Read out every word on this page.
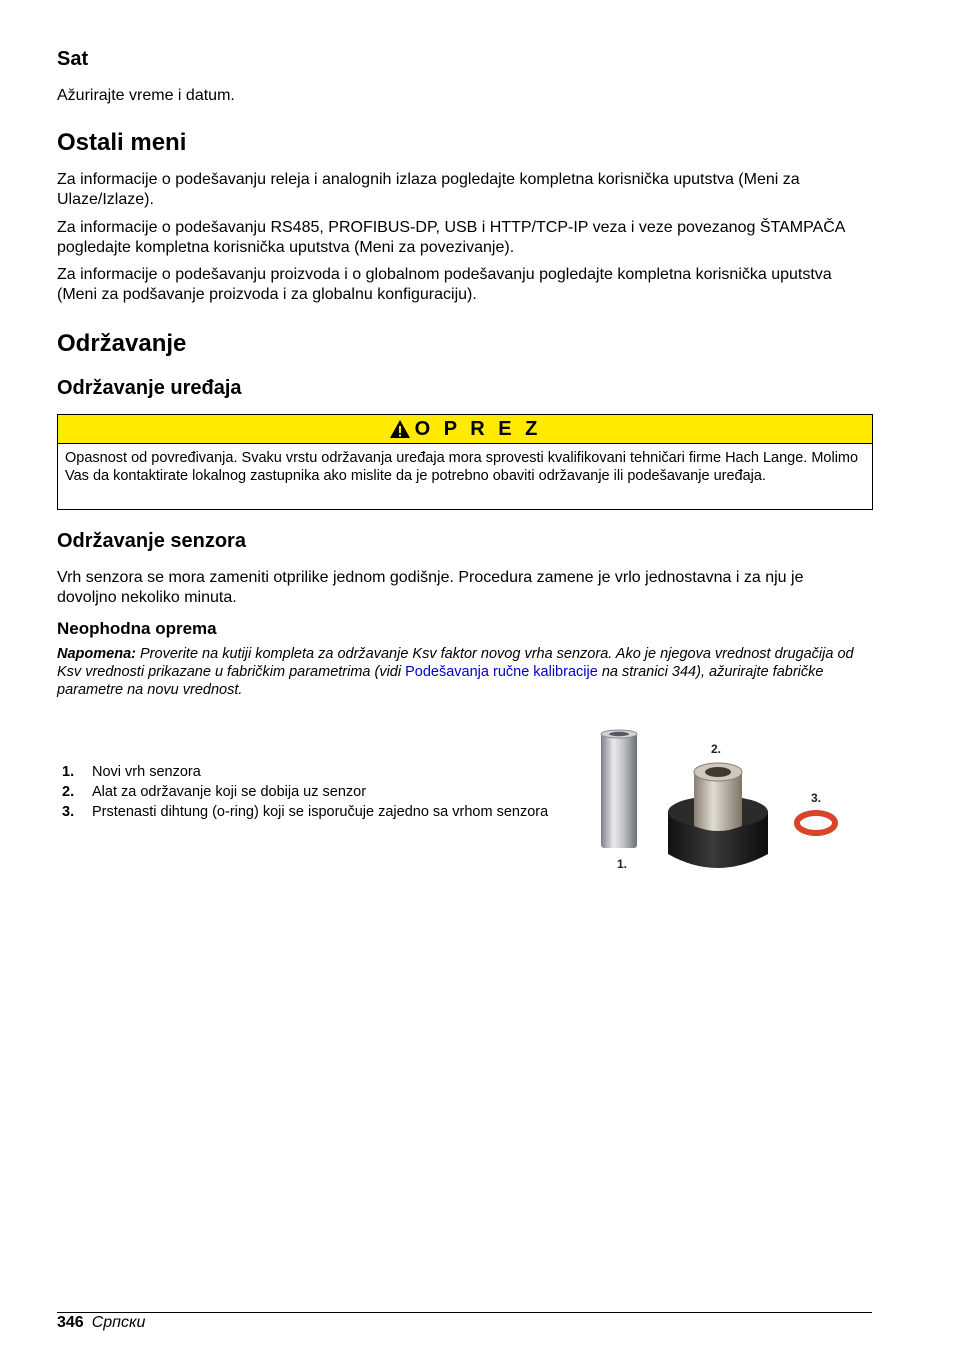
Sat

Ažurirajte vreme i datum.

Ostali meni

Za informacije o podešavanju releja i analognih izlaza pogledajte kompletna korisnička uputstva (Meni za Ulaze/Izlaze).

Za informacije o podešavanju RS485, PROFIBUS-DP, USB i HTTP/TCP-IP veza i veze povezanog ŠTAMPAČA pogledajte kompletna korisnička uputstva (Meni za povezivanje).

Za informacije o podešavanju proizvoda i o globalnom podešavanju pogledajte kompletna korisnička uputstva (Meni za podšavanje proizvoda i za globalnu konfiguraciju).

Održavanje
Održavanje uređaja
O P R E Z
Opasnost od povređivanja. Svaku vrstu održavanja uređaja mora sprovesti kvalifikovani tehničari firme Hach Lange. Molimo Vas da kontaktirate lokalnog zastupnika ako mislite da je potrebno obaviti održavanje ili podešavanje uređaja.
Održavanje senzora

Vrh senzora se mora zameniti otprilike jednom godišnje. Procedura zamene je vrlo jednostavna i za nju je dovoljno nekoliko minuta.

Neophodna oprema
Napomena: Proverite na kutiji kompleta za održavanje Ksv faktor novog vrha senzora. Ako je njegova vrednost drugačija od Ksv vrednosti prikazane u fabričkim parametrima (vidi Podešavanja ručne kalibracije na stranici 344), ažurirajte fabričke parametre na novu vrednost.
1.	Novi vrh senzora
2.	Alat za održavanje koji se dobija uz senzor
3.	Prstenasti dihtung (o-ring) koji se isporučuje zajedno sa vrhom senzora
1.
2.
3.
346 Српски
